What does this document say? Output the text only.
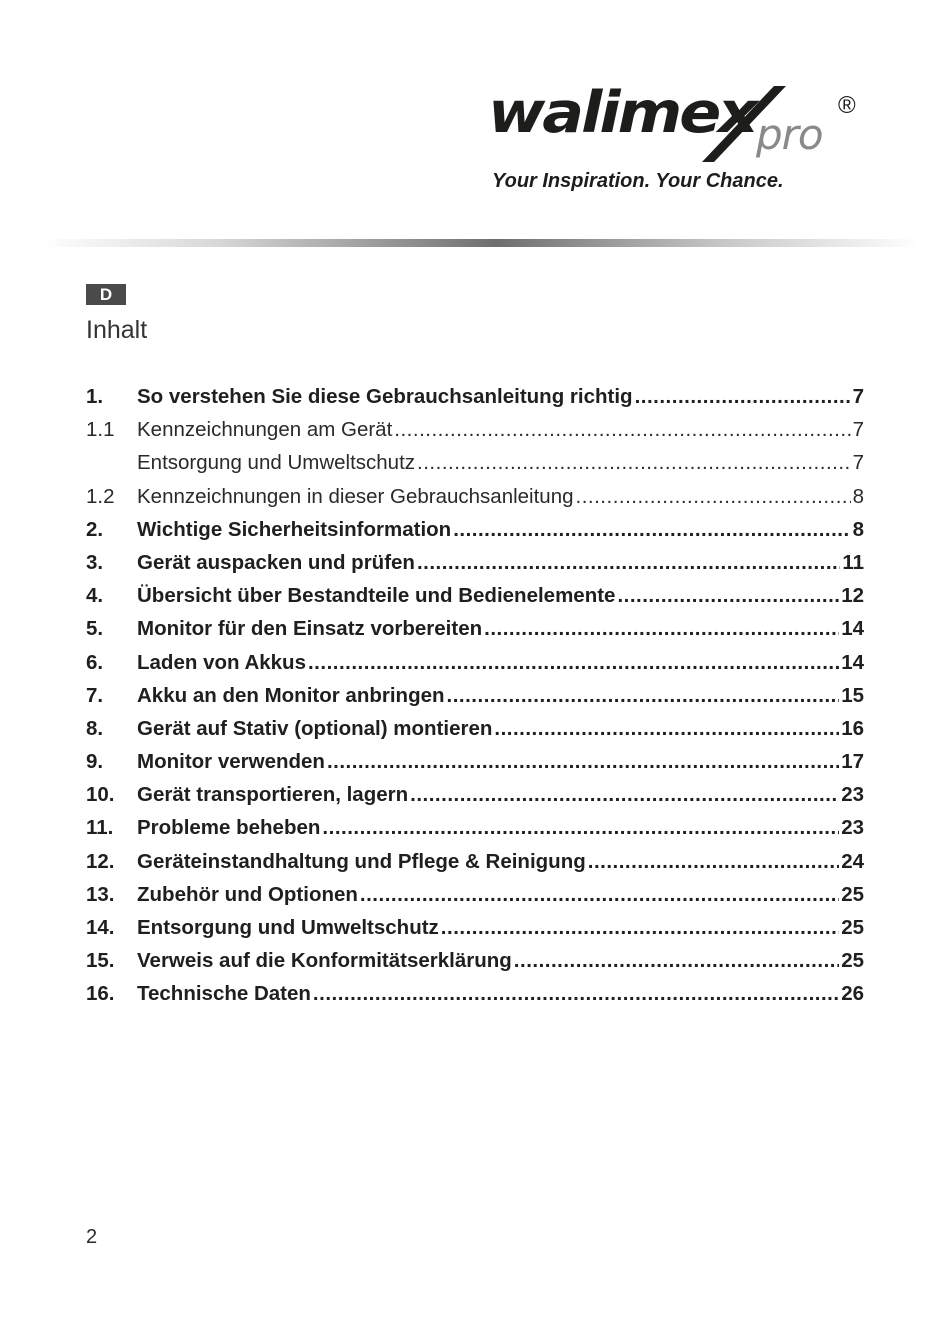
walimex pro
®
Your Inspiration. Your Chance.
D
Inhalt
1.	So verstehen Sie diese Gebrauchsanleitung richtig .....	7
1.1	Kennzeichnungen am Gerät .....	7
Entsorgung und Umweltschutz .....	7
1.2	Kennzeichnungen in dieser Gebrauchsanleitung .....	8
2.	Wichtige Sicherheitsinformation .....	8
3.	Gerät auspacken und prüfen .....	11
4.	Übersicht über Bestandteile und Bedienelemente .....	12
5.	Monitor für den Einsatz vorbereiten .....	14
6.	Laden von Akkus .....	14
7.	Akku an den Monitor anbringen .....	15
8.	Gerät auf Stativ (optional) montieren .....	16
9.	Monitor verwenden .....	17
10.	Gerät transportieren, lagern .....	23
11.	Probleme beheben .....	23
12.	Geräteinstandhaltung und Pflege & Reinigung .....	24
13.	Zubehör und Optionen .....	25
14.	Entsorgung und Umweltschutz .....	25
15.	Verweis auf die Konformitätserklärung .....	25
16.	Technische Daten .....	26
2
